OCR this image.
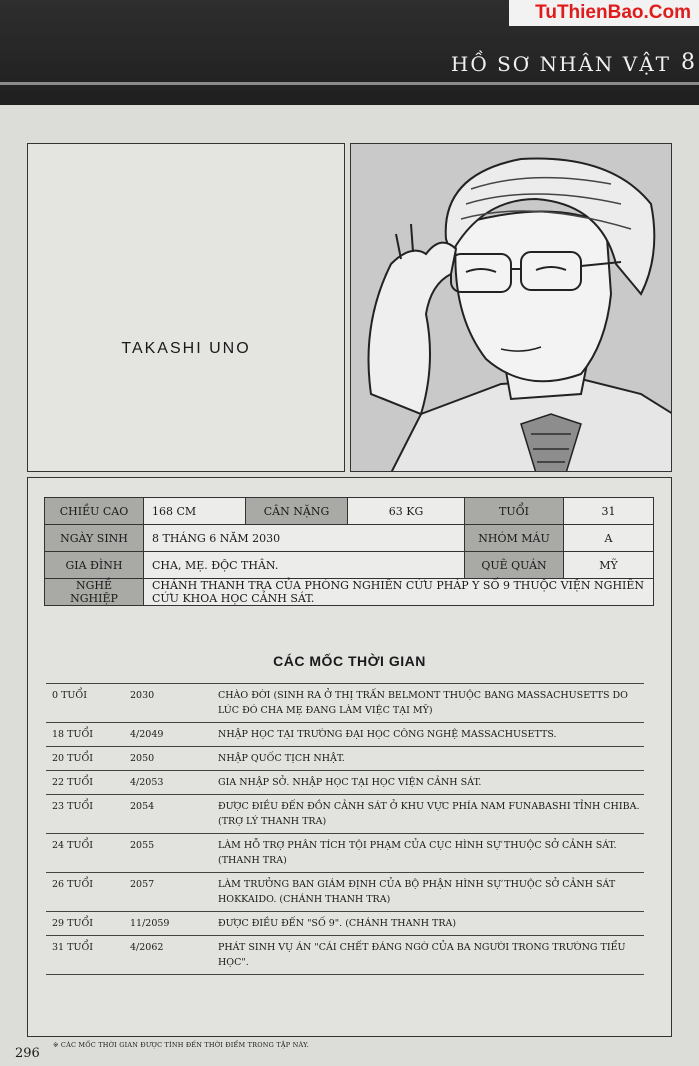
HỒ SƠ NHÂN VẬT 8
TuThienBao.Com
TAKASHI UNO
CHIỀU CAO	168 CM	CÂN NẶNG	63 KG	TUỔI	31
NGÀY SINH	8 THÁNG 6 NĂM 2030			NHÓM MÁU	A
GIA ĐÌNH	CHA, MẸ. ĐỘC THÂN.			QUÊ QUÁN	MỸ
NGHỀ NGHIỆP	CHÁNH THANH TRA CỦA PHÒNG NGHIÊN CỨU PHÁP Y SỐ 9 THUỘC VIỆN NGHIÊN CỨU KHOA HỌC CẢNH SÁT.				
CÁC MỐC THỜI GIAN
0 TUỔI	2030	CHÀO ĐỜI (SINH RA Ở THỊ TRẤN BELMONT THUỘC BANG MASSACHUSETTS DO LÚC ĐÓ CHA MẸ ĐANG LÀM VIỆC TẠI MỸ)
18 TUỔI	4/2049	NHẬP HỌC TẠI TRƯỜNG ĐẠI HỌC CÔNG NGHỆ MASSACHUSETTS.
20 TUỔI	2050	NHẬP QUỐC TỊCH NHẬT.
22 TUỔI	4/2053	GIA NHẬP SỞ. NHẬP HỌC TẠI HỌC VIỆN CẢNH SÁT.
23 TUỔI	2054	ĐƯỢC ĐIỀU ĐẾN ĐỒN CẢNH SÁT Ở KHU VỰC PHÍA NAM FUNABASHI TỈNH CHIBA. (TRỢ LÝ THANH TRA)
24 TUỔI	2055	LÀM HỖ TRỢ PHÂN TÍCH TỘI PHẠM CỦA CỤC HÌNH SỰ THUỘC SỞ CẢNH SÁT. (THANH TRA)
26 TUỔI	2057	LÀM TRƯỞNG BAN GIÁM ĐỊNH CỦA BỘ PHẬN HÌNH SỰ THUỘC SỞ CẢNH SÁT HOKKAIDO. (CHÁNH THANH TRA)
29 TUỔI	11/2059	ĐƯỢC ĐIỀU ĐẾN "SỐ 9". (CHÁNH THANH TRA)
31 TUỔI	4/2062	PHÁT SINH VỤ ÁN "CÁI CHẾT ĐÁNG NGỜ CỦA BA NGƯỜI TRONG TRƯỜNG TIỂU HỌC".
296
※ CÁC MỐC THỜI GIAN ĐƯỢC TÍNH ĐẾN THỜI ĐIỂM TRONG TẬP NÀY.
